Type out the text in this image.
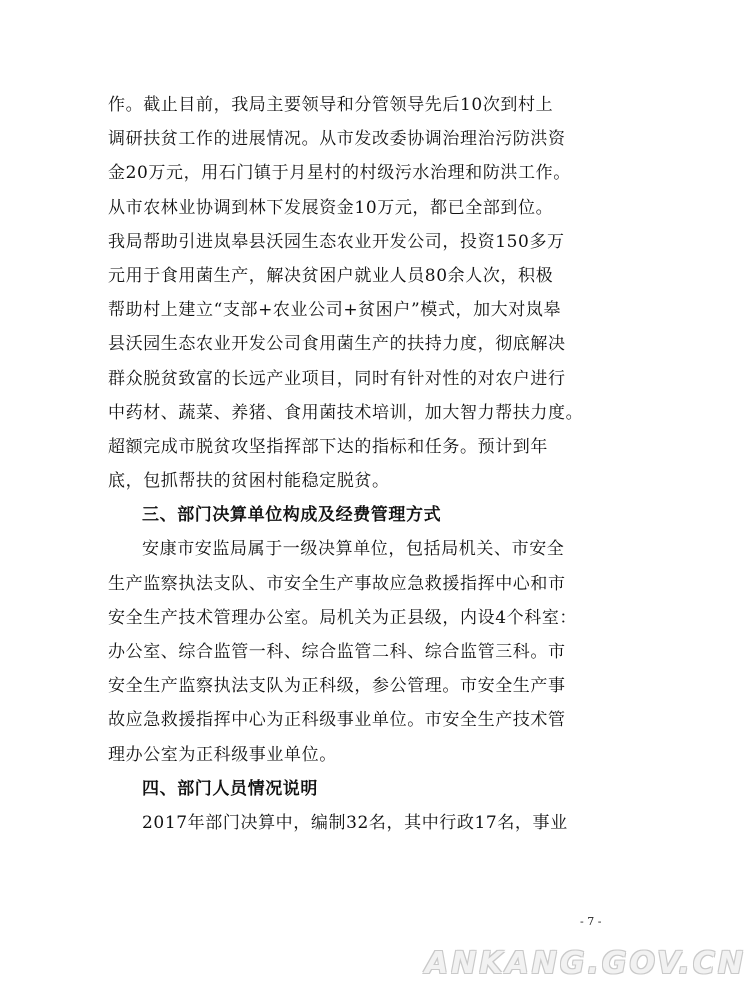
作。截止目前，我局主要领导和分管领导先后10次到村上
调研扶贫工作的进展情况。从市发改委协调治理治污防洪资
金20万元，用石门镇于月星村的村级污水治理和防洪工作。
从市农林业协调到林下发展资金10万元，都已全部到位。
我局帮助引进岚皋县沃园生态农业开发公司，投资150多万
元用于食用菌生产，解决贫困户就业人员80余人次，积极
帮助村上建立“支部+农业公司+贫困户”模式，加大对岚皋
县沃园生态农业开发公司食用菌生产的扶持力度，彻底解决
群众脱贫致富的长远产业项目，同时有针对性的对农户进行
中药材、蔬菜、养猪、食用菌技术培训，加大智力帮扶力度。
超额完成市脱贫攻坚指挥部下达的指标和任务。预计到年
底，包抓帮扶的贫困村能稳定脱贫。
三、部门决算单位构成及经费管理方式
安康市安监局属于一级决算单位，包括局机关、市安全
生产监察执法支队、市安全生产事故应急救援指挥中心和市
安全生产技术管理办公室。局机关为正县级，内设4个科室：
办公室、综合监管一科、综合监管二科、综合监管三科。市
安全生产监察执法支队为正科级，参公管理。市安全生产事
故应急救援指挥中心为正科级事业单位。市安全生产技术管
理办公室为正科级事业单位。
四、部门人员情况说明
2017年部门决算中，编制32名，其中行政17名，事业
- 7 -
ANKANG.GOV.CN
